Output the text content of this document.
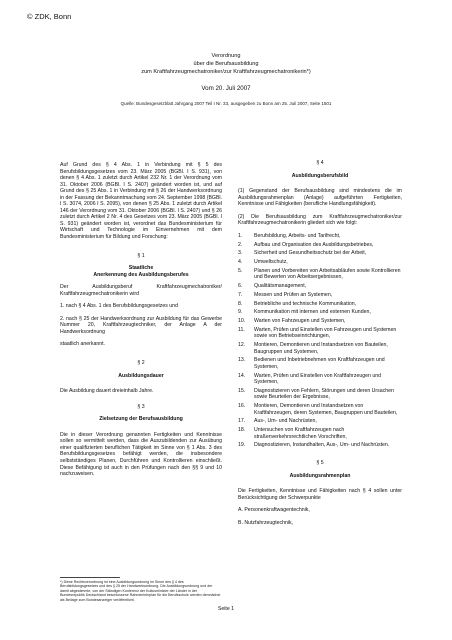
© ZDK, Bonn
Verordnung
über die Berufsausbildung
zum Kraftfahrzeugmechatroniker/zur Kraftfahrzeugmechatronikerin*)
Vom 20. Juli 2007
Quelle: Bundesgesetzblatt Jahrgang 2007 Teil I Nr. 33, ausgegeben zu Bonn am 25. Juli 2007, Seite 1501

Auf Grund des § 4 Abs. 1 in Verbindung mit § 5 des Berufsbildungsgesetzes vom 23. März 2005 (BGBl. I S. 931), von denen § 4 Abs. 1 zuletzt durch Artikel 232 Nr. 1 der Verordnung vom 31. Oktober 2006 (BGBl. I S. 2407) geändert worden ist, und auf Grund des § 25 Abs. 1 in Verbindung mit § 26 der Handwerksordnung in der Fassung der Bekanntmachung vom 24. September 1998 (BGBl. I S. 3074, 2006 I S. 2095), von denen § 25 Abs. 1 zuletzt durch Artikel 146 der Verordnung vom 31. Oktober 2006 (BGBl. I S. 2407) und § 26 zuletzt durch Artikel 2 Nr. 4 des Gesetzes vom 23. März 2005 (BGBl. I S. 931) geändert worden ist, verordnet das Bundesministerium für Wirtschaft und Technologie im Einvernehmen mit dem Bundesministerium für Bildung und Forschung:

§ 1

Staatliche

Anerkennung des Ausbildungsberufes

Der Ausbildungsberuf Kraftfahrzeugmechatroniker/ Kraftfahrzeugmechatronikerin wird

1. nach § 4 Abs. 1 des Berufsbildungsgesetzes und

2. nach § 25 der Handwerksordnung zur Ausbildung für das Gewerbe Nummer 20, Kraftfahrzeugtechniker, der Anlage A der Handwerksordnung

staatlich anerkannt.

§ 2

Ausbildungsdauer

Die Ausbildung dauert dreieinhalb Jahre.

§ 3

Zielsetzung der Berufsausbildung

Die in dieser Verordnung genannten Fertigkeiten und Kenntnisse sollen so vermittelt werden, dass die Auszubildenden zur Ausübung einer qualifizierten beruflichen Tätigkeit im Sinne von § 1 Abs. 3 des Berufsbildungsgesetzes befähigt werden, die insbesondere selbstständiges Planen, Durchführen und Kontrollieren einschließt. Diese Befähigung ist auch in den Prüfungen nach den §§ 9 und 10 nachzuweisen.

*) Diese Rechtsverordnung ist eine Ausbildungsordnung im Sinne des § 4 des Berufsbildungsgesetzes und des § 25 der Handwerksordnung. Die Ausbildungsordnung und der damit abgestimmte, von der Ständigen Konferenz der Kultusminister der Länder in der Bundesrepublik Deutschland beschlossene Rahmenlehrplan für die Berufsschule werden demnächst als Beilage zum Bundesanzeiger veröffentlicht.

§ 4

Ausbildungsberufsbild

(1) Gegenstand der Berufsausbildung sind mindestens die im Ausbildungsrahmenplan (Anlage) aufgeführten Fertigkeiten, Kenntnisse und Fähigkeiten (berufliche Handlungsfähigkeit).

(2) Die Berufsausbildung zum Kraftfahrzeugmechatroniker/zur Kraftfahrzeugmechatronikerin gliedert sich wie folgt:

1. Berufsbildung, Arbeits- und Tarifrecht,
2. Aufbau und Organisation des Ausbildungsbetriebes,
3. Sicherheit und Gesundheitsschutz bei der Arbeit,
4. Umweltschutz,
5. Planen und Vorbereiten von Arbeitsabläufen sowie Kontrollieren und Bewerten von Arbeitsergebnissen,
6. Qualitätsmanagement,
7. Messen und Prüfen an Systemen,
8. Betriebliche und technische Kommunikation,
9. Kommunikation mit internen und externen Kunden,
10. Warten von Fahrzeugen und Systemen,
11. Warten, Prüfen und Einstellen von Fahrzeugen und Systemen sowie von Betriebseinrichtungen,
12. Montieren, Demontieren und Instandsetzen von Bauteilen, Baugruppen und Systemen,
13. Bedienen und Inbetriebnehmen von Kraftfahrzeugen und Systemen,
14. Warten, Prüfen und Einstellen von Kraftfahrzeugen und Systemen,
15. Diagnostizieren von Fehlern, Störungen und deren Ursachen sowie Beurteilen der Ergebnisse,
16. Montieren, Demontieren und Instandsetzen von Kraftfahrzeugen, deren Systemen, Baugruppen und Bauteilen,
17. Aus-, Um- und Nachrüsten,
18. Untersuchen von Kraftfahrzeugen nach straßenverkehrsrechtlichen Vorschriften,
19. Diagnostizieren, Instandhalten, Aus-, Um- und Nachrüsten.

§ 5

Ausbildungsrahmenplan

Die Fertigkeiten, Kenntnisse und Fähigkeiten nach § 4 sollen unter Berücksichtigung der Schwerpunkte

A. Personenkraftwagentechnik,

B. Nutzfahrzeugtechnik,

Seite 1
